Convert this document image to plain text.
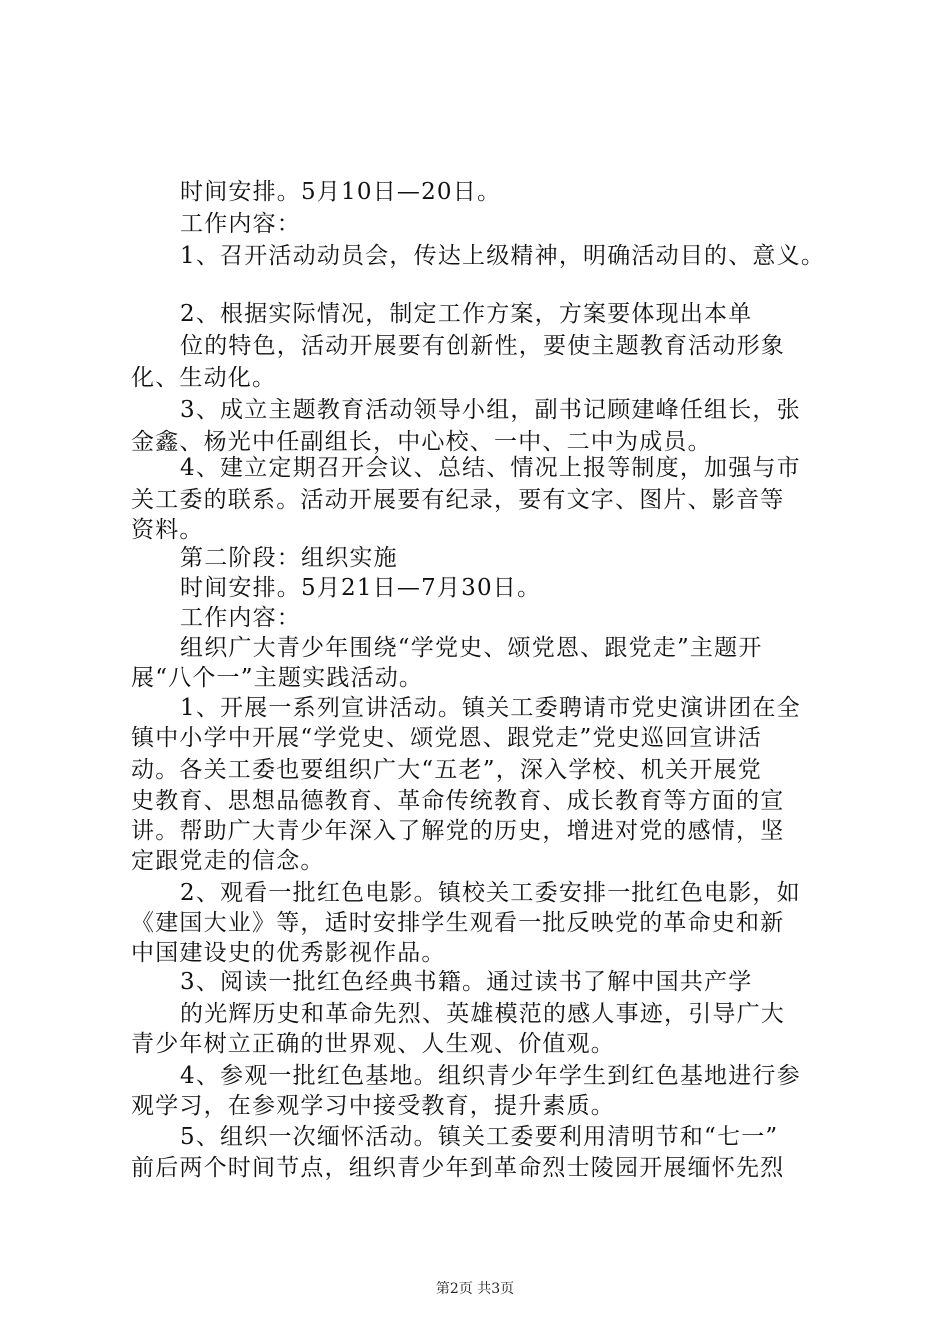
时间安排。5月10日—20日。
工作内容：
1、召开活动动员会，传达上级精神，明确活动目的、意义。
2、根据实际情况，制定工作方案，方案要体现出本单
位的特色，活动开展要有创新性，要使主题教育活动形象
化、生动化。
3、成立主题教育活动领导小组，副书记顾建峰任组长，张
金鑫、杨光中任副组长，中心校、一中、二中为成员。
4、建立定期召开会议、总结、情况上报等制度，加强与市
关工委的联系。活动开展要有纪录，要有文字、图片、影音等
资料。
第二阶段：组织实施
时间安排。5月21日—7月30日。
工作内容：
组织广大青少年围绕“学党史、颂党恩、跟党走”主题开
展“八个一”主题实践活动。
1、开展一系列宣讲活动。镇关工委聘请市党史演讲团在全
镇中小学中开展“学党史、颂党恩、跟党走”党史巡回宣讲活
动。各关工委也要组织广大“五老”，深入学校、机关开展党
史教育、思想品德教育、革命传统教育、成长教育等方面的宣
讲。帮助广大青少年深入了解党的历史，增进对党的感情，坚
定跟党走的信念。
2、观看一批红色电影。镇校关工委安排一批红色电影，如
《建国大业》等，适时安排学生观看一批反映党的革命史和新
中国建设史的优秀影视作品。
3、阅读一批红色经典书籍。通过读书了解中国共产学
的光辉历史和革命先烈、英雄模范的感人事迹，引导广大
青少年树立正确的世界观、人生观、价值观。
4、参观一批红色基地。组织青少年学生到红色基地进行参
观学习，在参观学习中接受教育，提升素质。
5、组织一次缅怀活动。镇关工委要利用清明节和“七一”
前后两个时间节点，组织青少年到革命烈士陵园开展缅怀先烈
第2页 共3页
